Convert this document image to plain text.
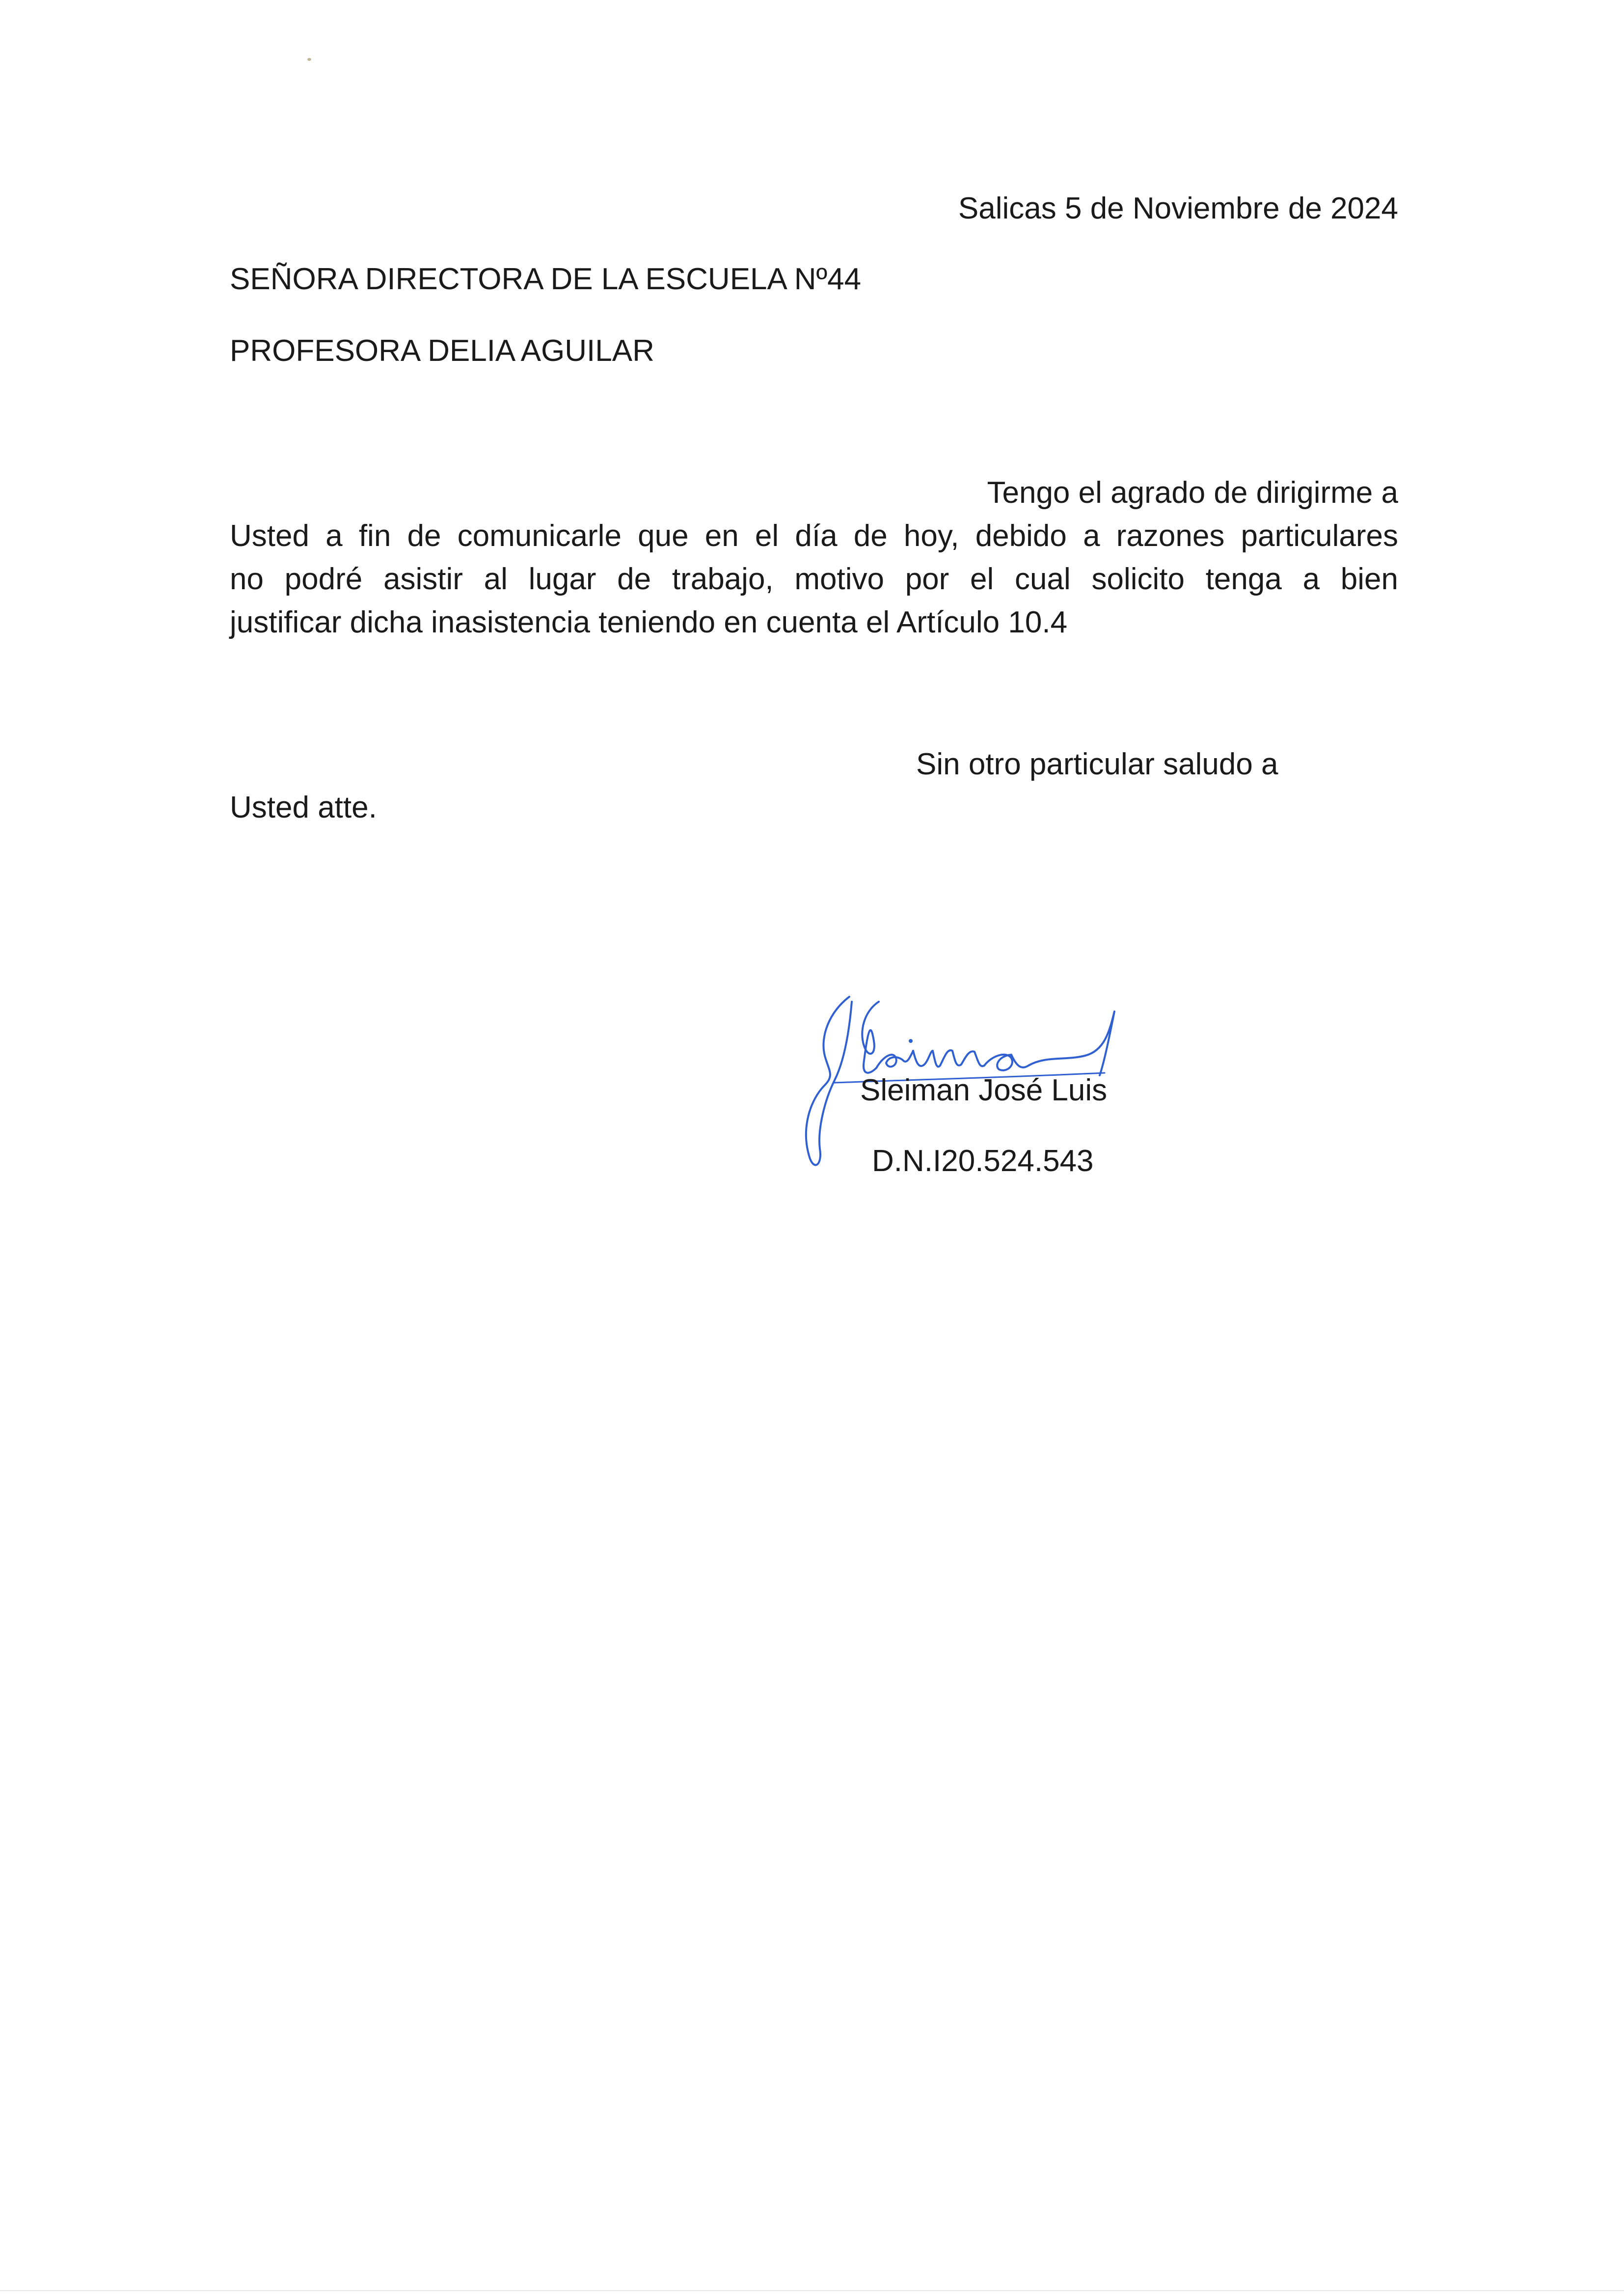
Salicas 5 de Noviembre de 2024
SEÑORA DIRECTORA DE LA ESCUELA Nº44
PROFESORA DELIA AGUILAR
Tengo el agrado de dirigirme a
Usted a fin de comunicarle que en el día de hoy, debido a razones particulares
no podré asistir al lugar de trabajo, motivo por el cual solicito tenga a bien
justificar dicha inasistencia teniendo en cuenta el Artículo 10.4
Sin otro particular saludo a
Usted atte.
Sleiman José Luis
D.N.I20.524.543
